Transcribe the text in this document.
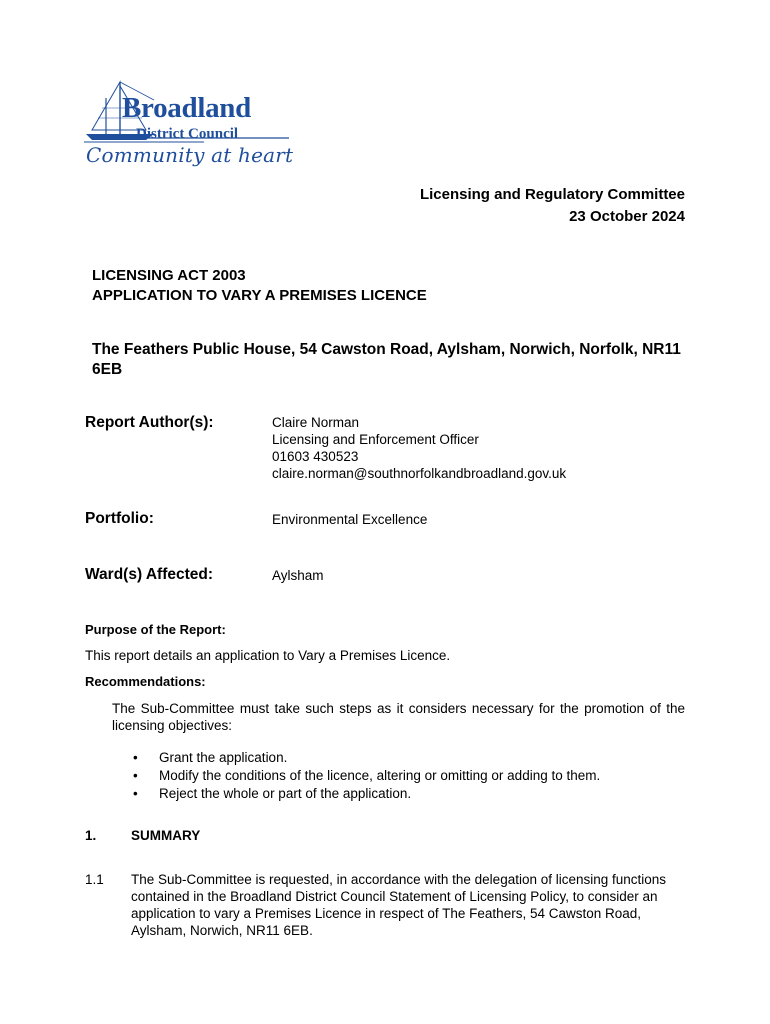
Broadland
District Council
Community at heart
Licensing and Regulatory Committee
23 October 2024
LICENSING ACT 2003
APPLICATION TO VARY A PREMISES LICENCE
The Feathers Public House, 54 Cawston Road, Aylsham, Norwich, Norfolk, NR11 6EB
Report Author(s):	Claire Norman
Licensing and Enforcement Officer
01603 430523
claire.norman@southnorfolkandbroadland.gov.uk
Portfolio:	Environmental Excellence
Ward(s) Affected:	Aylsham
Purpose of the Report:
This report details an application to Vary a Premises Licence.
Recommendations:
The Sub-Committee must take such steps as it considers necessary for the promotion of the licensing objectives:
• Grant the application.
• Modify the conditions of the licence, altering or omitting or adding to them.
• Reject the whole or part of the application.
1.	SUMMARY
1.1 The Sub-Committee is requested, in accordance with the delegation of licensing functions contained in the Broadland District Council Statement of Licensing Policy, to consider an application to vary a Premises Licence in respect of The Feathers, 54 Cawston Road, Aylsham, Norwich, NR11 6EB.
